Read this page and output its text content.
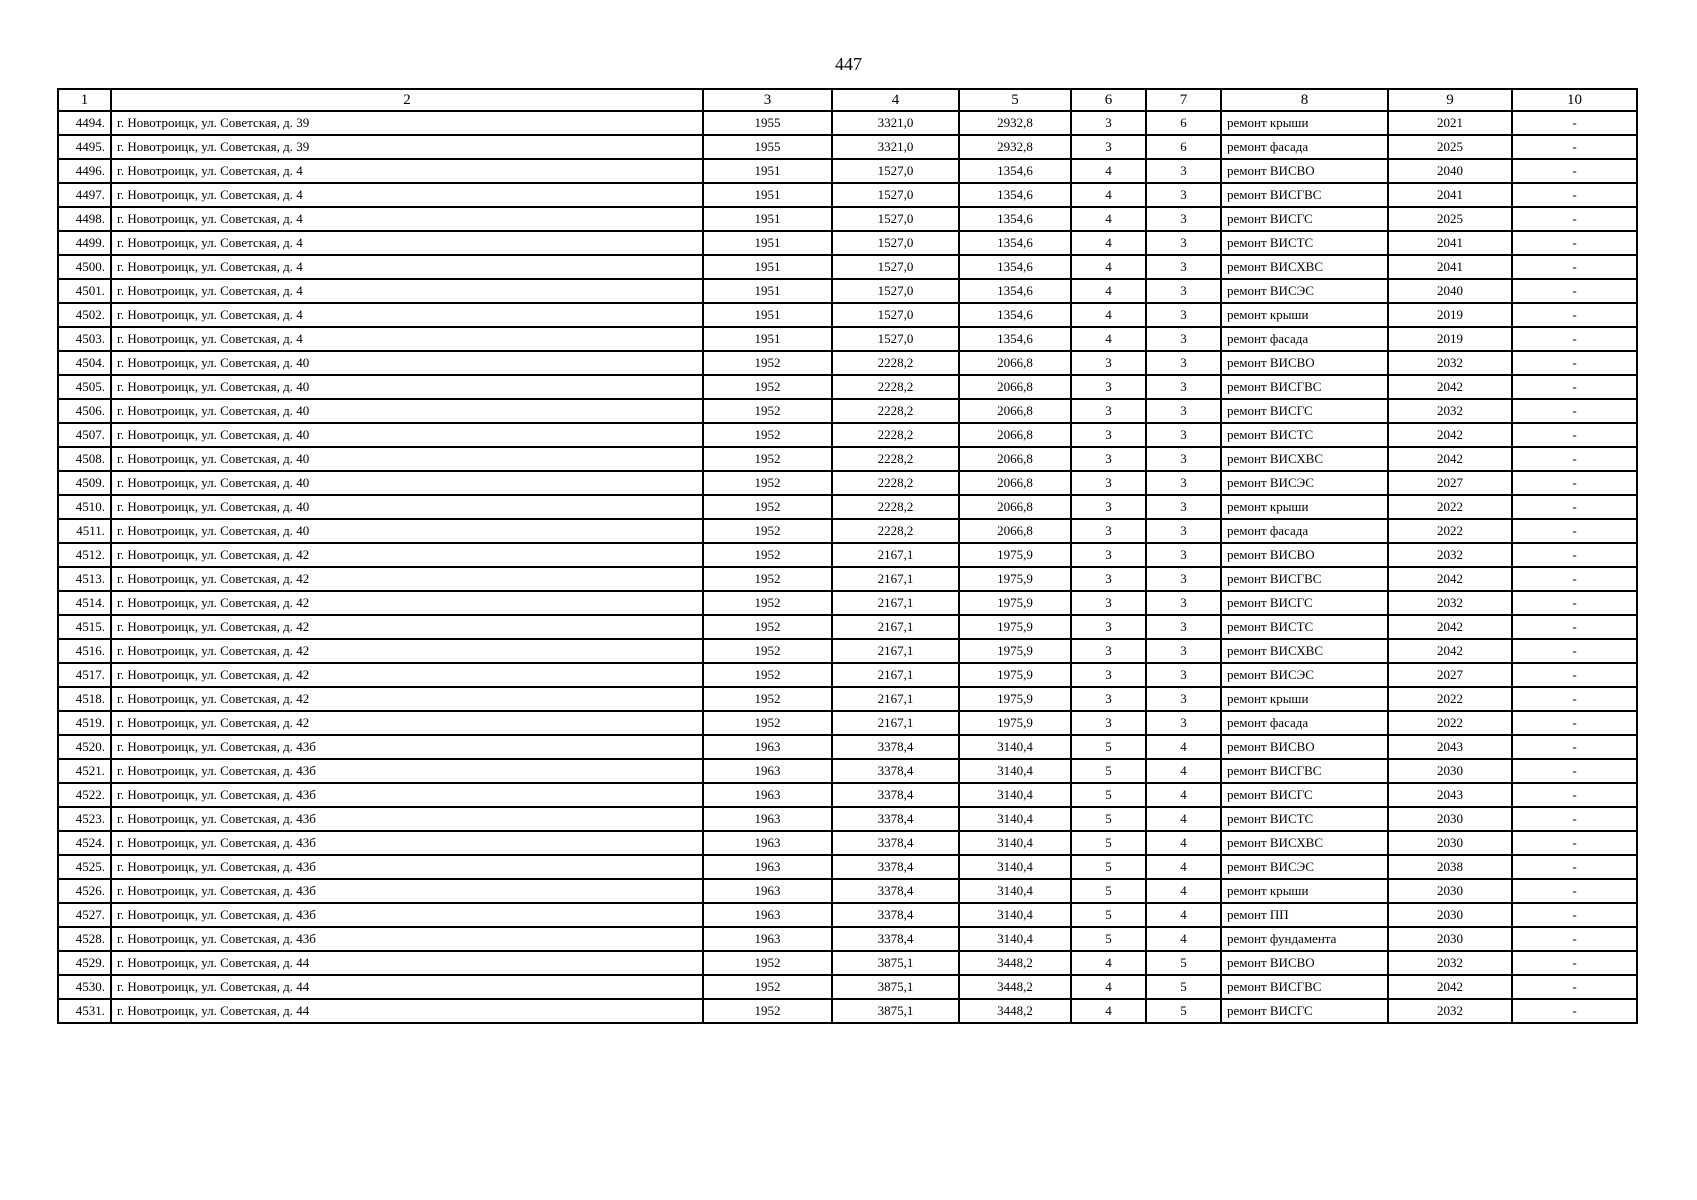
447
1	2	3	4	5	6	7	8	9	10
4494.	г. Новотроицк, ул. Советская, д. 39	1955	3321,0	2932,8	3	6	ремонт крыши	2021	-
4495.	г. Новотроицк, ул. Советская, д. 39	1955	3321,0	2932,8	3	6	ремонт фасада	2025	-
4496.	г. Новотроицк, ул. Советская, д. 4	1951	1527,0	1354,6	4	3	ремонт ВИСВО	2040	-
4497.	г. Новотроицк, ул. Советская, д. 4	1951	1527,0	1354,6	4	3	ремонт ВИСГВС	2041	-
4498.	г. Новотроицк, ул. Советская, д. 4	1951	1527,0	1354,6	4	3	ремонт ВИСГС	2025	-
4499.	г. Новотроицк, ул. Советская, д. 4	1951	1527,0	1354,6	4	3	ремонт ВИСТС	2041	-
4500.	г. Новотроицк, ул. Советская, д. 4	1951	1527,0	1354,6	4	3	ремонт ВИСХВС	2041	-
4501.	г. Новотроицк, ул. Советская, д. 4	1951	1527,0	1354,6	4	3	ремонт ВИСЭС	2040	-
4502.	г. Новотроицк, ул. Советская, д. 4	1951	1527,0	1354,6	4	3	ремонт крыши	2019	-
4503.	г. Новотроицк, ул. Советская, д. 4	1951	1527,0	1354,6	4	3	ремонт фасада	2019	-
4504.	г. Новотроицк, ул. Советская, д. 40	1952	2228,2	2066,8	3	3	ремонт ВИСВО	2032	-
4505.	г. Новотроицк, ул. Советская, д. 40	1952	2228,2	2066,8	3	3	ремонт ВИСГВС	2042	-
4506.	г. Новотроицк, ул. Советская, д. 40	1952	2228,2	2066,8	3	3	ремонт ВИСГС	2032	-
4507.	г. Новотроицк, ул. Советская, д. 40	1952	2228,2	2066,8	3	3	ремонт ВИСТС	2042	-
4508.	г. Новотроицк, ул. Советская, д. 40	1952	2228,2	2066,8	3	3	ремонт ВИСХВС	2042	-
4509.	г. Новотроицк, ул. Советская, д. 40	1952	2228,2	2066,8	3	3	ремонт ВИСЭС	2027	-
4510.	г. Новотроицк, ул. Советская, д. 40	1952	2228,2	2066,8	3	3	ремонт крыши	2022	-
4511.	г. Новотроицк, ул. Советская, д. 40	1952	2228,2	2066,8	3	3	ремонт фасада	2022	-
4512.	г. Новотроицк, ул. Советская, д. 42	1952	2167,1	1975,9	3	3	ремонт ВИСВО	2032	-
4513.	г. Новотроицк, ул. Советская, д. 42	1952	2167,1	1975,9	3	3	ремонт ВИСГВС	2042	-
4514.	г. Новотроицк, ул. Советская, д. 42	1952	2167,1	1975,9	3	3	ремонт ВИСГС	2032	-
4515.	г. Новотроицк, ул. Советская, д. 42	1952	2167,1	1975,9	3	3	ремонт ВИСТС	2042	-
4516.	г. Новотроицк, ул. Советская, д. 42	1952	2167,1	1975,9	3	3	ремонт ВИСХВС	2042	-
4517.	г. Новотроицк, ул. Советская, д. 42	1952	2167,1	1975,9	3	3	ремонт ВИСЭС	2027	-
4518.	г. Новотроицк, ул. Советская, д. 42	1952	2167,1	1975,9	3	3	ремонт крыши	2022	-
4519.	г. Новотроицк, ул. Советская, д. 42	1952	2167,1	1975,9	3	3	ремонт фасада	2022	-
4520.	г. Новотроицк, ул. Советская, д. 43б	1963	3378,4	3140,4	5	4	ремонт ВИСВО	2043	-
4521.	г. Новотроицк, ул. Советская, д. 43б	1963	3378,4	3140,4	5	4	ремонт ВИСГВС	2030	-
4522.	г. Новотроицк, ул. Советская, д. 43б	1963	3378,4	3140,4	5	4	ремонт ВИСГС	2043	-
4523.	г. Новотроицк, ул. Советская, д. 43б	1963	3378,4	3140,4	5	4	ремонт ВИСТС	2030	-
4524.	г. Новотроицк, ул. Советская, д. 43б	1963	3378,4	3140,4	5	4	ремонт ВИСХВС	2030	-
4525.	г. Новотроицк, ул. Советская, д. 43б	1963	3378,4	3140,4	5	4	ремонт ВИСЭС	2038	-
4526.	г. Новотроицк, ул. Советская, д. 43б	1963	3378,4	3140,4	5	4	ремонт крыши	2030	-
4527.	г. Новотроицк, ул. Советская, д. 43б	1963	3378,4	3140,4	5	4	ремонт ПП	2030	-
4528.	г. Новотроицк, ул. Советская, д. 43б	1963	3378,4	3140,4	5	4	ремонт фундамента	2030	-
4529.	г. Новотроицк, ул. Советская, д. 44	1952	3875,1	3448,2	4	5	ремонт ВИСВО	2032	-
4530.	г. Новотроицк, ул. Советская, д. 44	1952	3875,1	3448,2	4	5	ремонт ВИСГВС	2042	-
4531.	г. Новотроицк, ул. Советская, д. 44	1952	3875,1	3448,2	4	5	ремонт ВИСГС	2032	-
